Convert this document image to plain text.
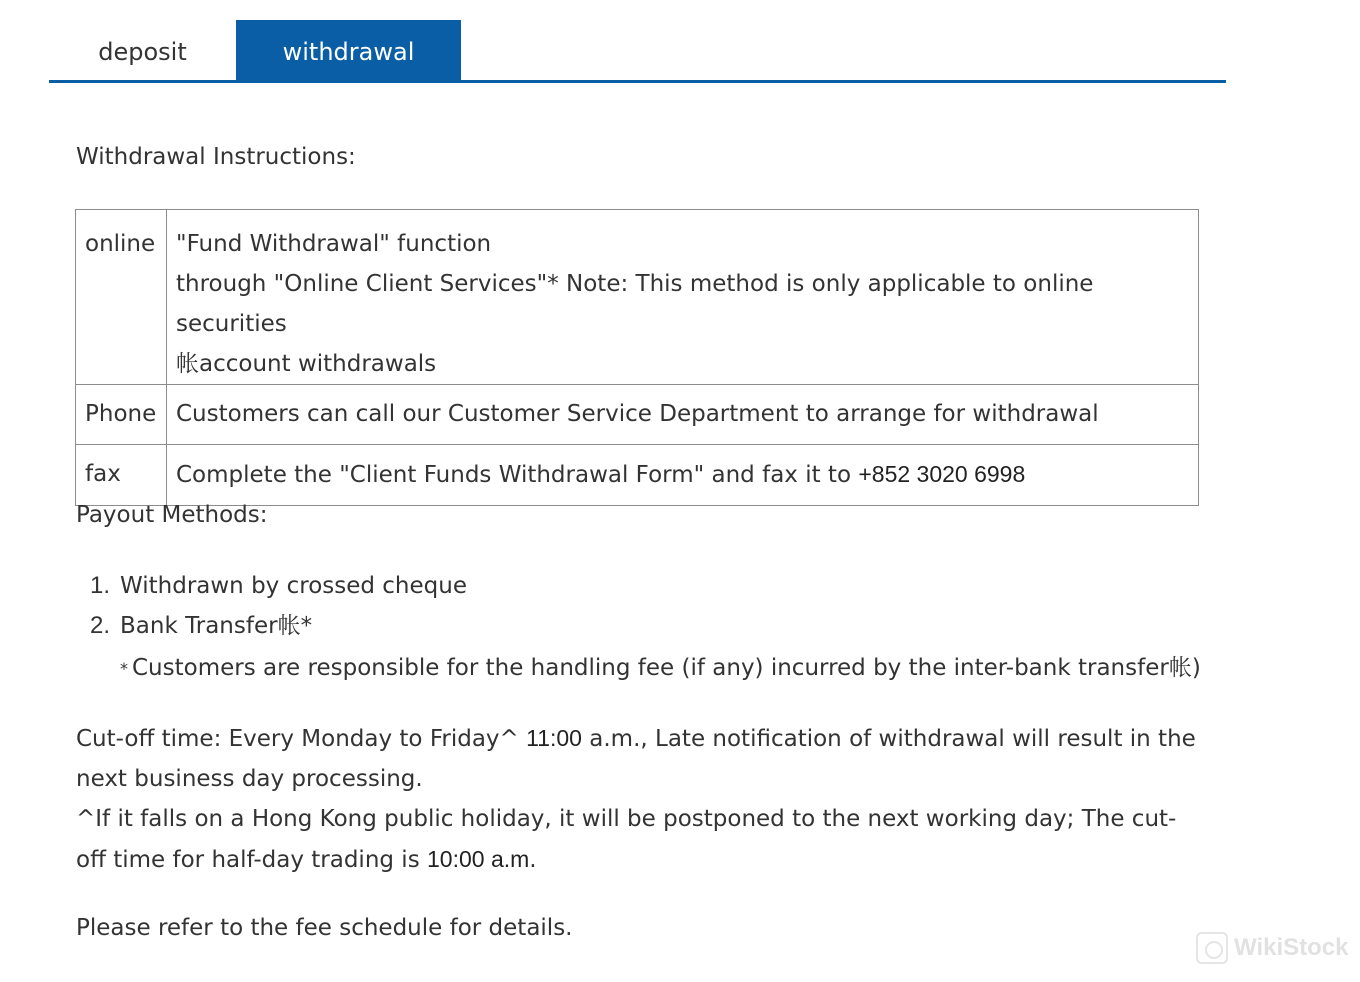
deposit	withdrawal
Withdrawal Instructions:
online	"Fund Withdrawal" function
through "Online Client Services"* Note: This method is only applicable to online securities
帐account withdrawals

Phone	Customers can call our Customer Service Department to arrange for withdrawal
fax	Complete the "Client Funds Withdrawal Form" and fax it to +852 3020 6998
Payout Methods:
1. Withdrawn by crossed cheque
2. Bank Transfer帐*
* Customers are responsible for the handling fee (if any) incurred by the inter-bank transfer帐)
Cut-off time: Every Monday to Friday^ 11:00 a.m., Late notification of withdrawal will result in the next business day processing.
^If it falls on a Hong Kong public holiday, it will be postponed to the next working day; The cut-off time for half-day trading is 10:00 a.m.
Please refer to the fee schedule for details.
WikiStock
